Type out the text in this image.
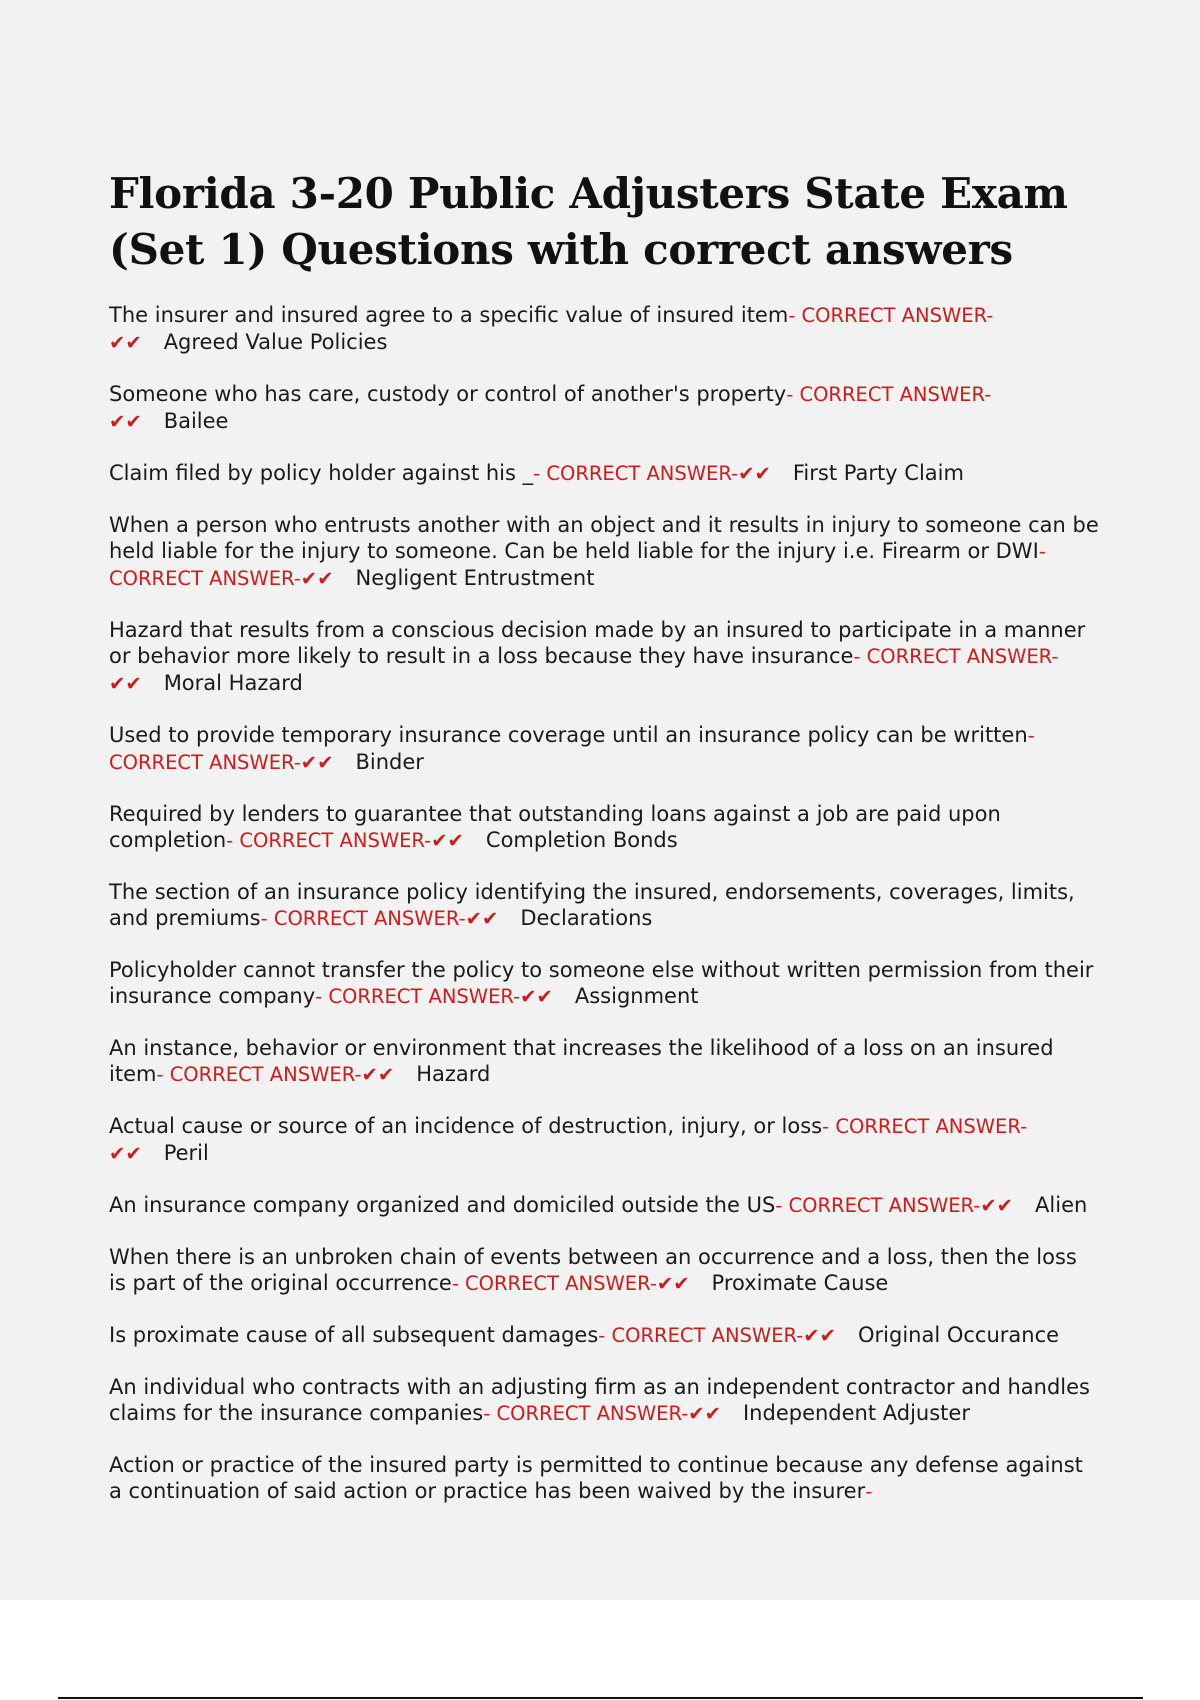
Florida 3-20 Public Adjusters State Exam (Set 1) Questions with correct answers

The insurer and insured agree to a specific value of insured item- CORRECT ANSWER-✔✔ Agreed Value Policies

Someone who has care, custody or control of another's property- CORRECT ANSWER-✔✔ Bailee

Claim filed by policy holder against his _- CORRECT ANSWER-✔✔ First Party Claim

When a person who entrusts another with an object and it results in injury to someone can be held liable for the injury to someone. Can be held liable for the injury i.e. Firearm or DWI- CORRECT ANSWER-✔✔ Negligent Entrustment

Hazard that results from a conscious decision made by an insured to participate in a manner or behavior more likely to result in a loss because they have insurance- CORRECT ANSWER-✔✔ Moral Hazard

Used to provide temporary insurance coverage until an insurance policy can be written- CORRECT ANSWER-✔✔ Binder

Required by lenders to guarantee that outstanding loans against a job are paid upon completion- CORRECT ANSWER-✔✔ Completion Bonds

The section of an insurance policy identifying the insured, endorsements, coverages, limits, and premiums- CORRECT ANSWER-✔✔ Declarations

Policyholder cannot transfer the policy to someone else without written permission from their insurance company- CORRECT ANSWER-✔✔ Assignment

An instance, behavior or environment that increases the likelihood of a loss on an insured item- CORRECT ANSWER-✔✔ Hazard

Actual cause or source of an incidence of destruction, injury, or loss- CORRECT ANSWER-✔✔ Peril

An insurance company organized and domiciled outside the US- CORRECT ANSWER-✔✔ Alien

When there is an unbroken chain of events between an occurrence and a loss, then the loss is part of the original occurrence- CORRECT ANSWER-✔✔ Proximate Cause

Is proximate cause of all subsequent damages- CORRECT ANSWER-✔✔ Original Occurance

An individual who contracts with an adjusting firm as an independent contractor and handles claims for the insurance companies- CORRECT ANSWER-✔✔ Independent Adjuster

Action or practice of the insured party is permitted to continue because any defense against a continuation of said action or practice has been waived by the insurer-
